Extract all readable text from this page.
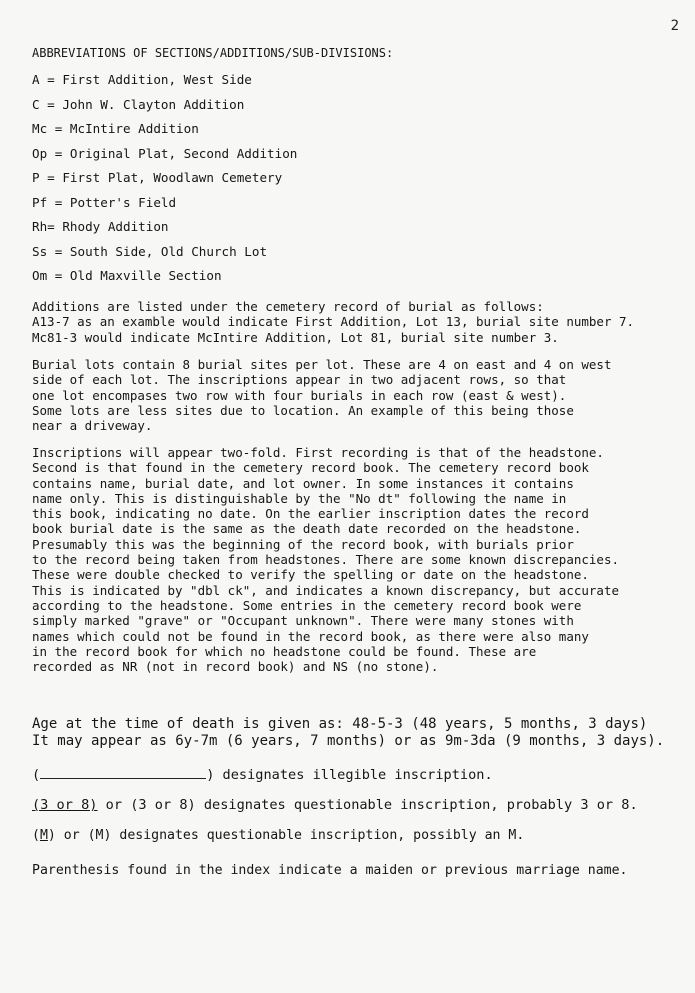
2
ABBREVIATIONS OF SECTIONS/ADDITIONS/SUB-DIVISIONS:
A = First Addition, West Side
C = John W. Clayton Addition
Mc = McIntire Addition
Op = Original Plat, Second Addition
P = First Plat, Woodlawn Cemetery
Pf = Potter's Field
Rh= Rhody Addition
Ss = South Side, Old Church Lot
Om = Old Maxville Section
Additions are listed under the cemetery record of burial as follows:
A13-7 as an examble would indicate First Addition, Lot 13, burial site number 7.
Mc81-3 would indicate McIntire Addition, Lot 81, burial site number 3.
Burial lots contain 8 burial sites per lot. These are 4 on east and 4 on west
side of each lot. The inscriptions appear in two adjacent rows, so that
one lot encompases two row with four burials in each row (east & west).
Some lots are less sites due to location. An example of this being those
near a driveway.
Inscriptions will appear two-fold. First recording is that of the headstone.
Second is that found in the cemetery record book. The cemetery record book
contains name, burial date, and lot owner. In some instances it contains
name only. This is distinguishable by the "No dt" following the name in
this book, indicating no date. On the earlier inscription dates the record
book burial date is the same as the death date recorded on the headstone.
Presumably this was the beginning of the record book, with burials prior
to the record being taken from headstones. There are some known discrepancies.
These were double checked to verify the spelling or date on the headstone.
This is indicated by "dbl ck", and indicates a known discrepancy, but accurate
according to the headstone. Some entries in the cemetery record book were
simply marked "grave" or "Occupant unknown". There were many stones with
names which could not be found in the record book, as there were also many
in the record book for which no headstone could be found. These are
recorded as NR (not in record book) and NS (no stone).
Age at the time of death is given as: 48-5-3 (48 years, 5 months, 3 days)
It may appear as 6y-7m (6 years, 7 months) or as 9m-3da (9 months, 3 days).
(	) designates illegible inscription.
(3 or 8) or (3 or 8) designates questionable inscription, probably 3 or 8.
(M) or (M) designates questionable inscription, possibly an M.
Parenthesis found in the index indicate a maiden or previous marriage name.
